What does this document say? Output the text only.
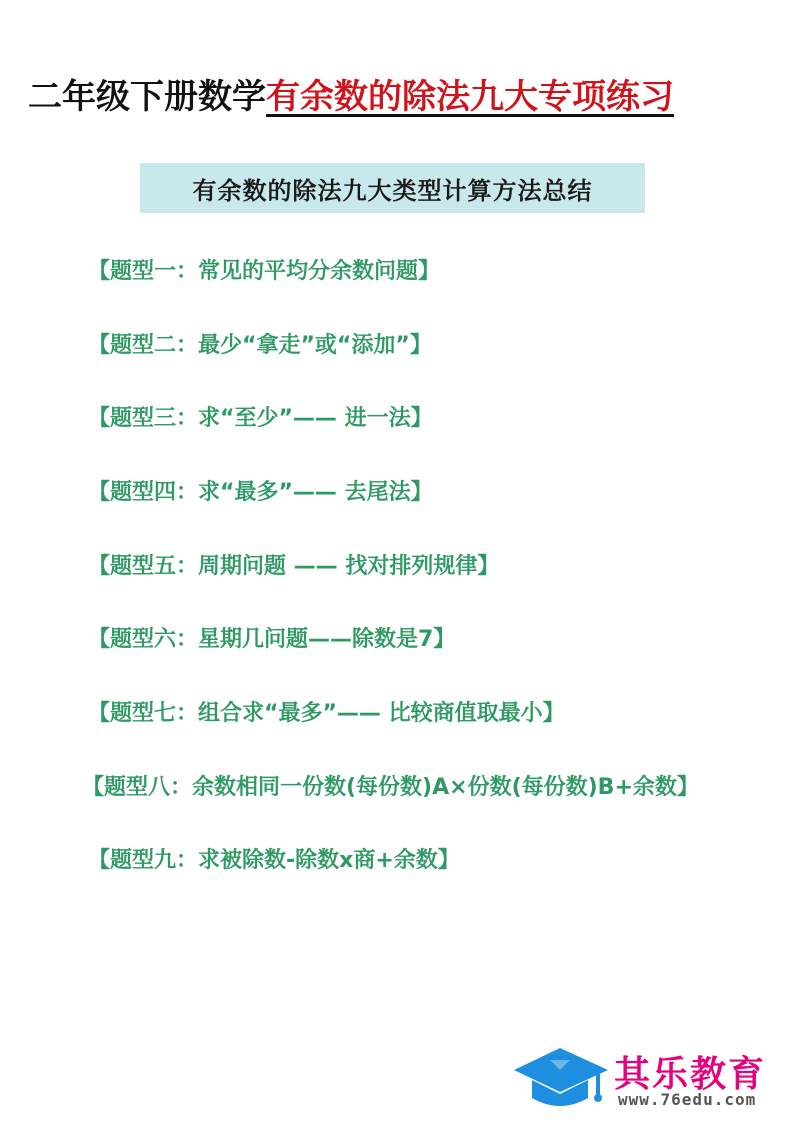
二年级下册数学有余数的除法九大专项练习
有余数的除法九大类型计算方法总结
【题型一：常见的平均分余数问题】
【题型二：最少“拿走”或“添加”】
【题型三：求“至少”—— 进一法】
【题型四：求“最多”—— 去尾法】
【题型五：周期问题 —— 找对排列规律】
【题型六：星期几问题——除数是7】
【题型七：组合求“最多”—— 比较商值取最小】
【题型八：余数相同一份数(每份数)A×份数(每份数)B+余数】
【题型九：求被除数-除数x商+余数】
其乐教育
www.76edu.com
